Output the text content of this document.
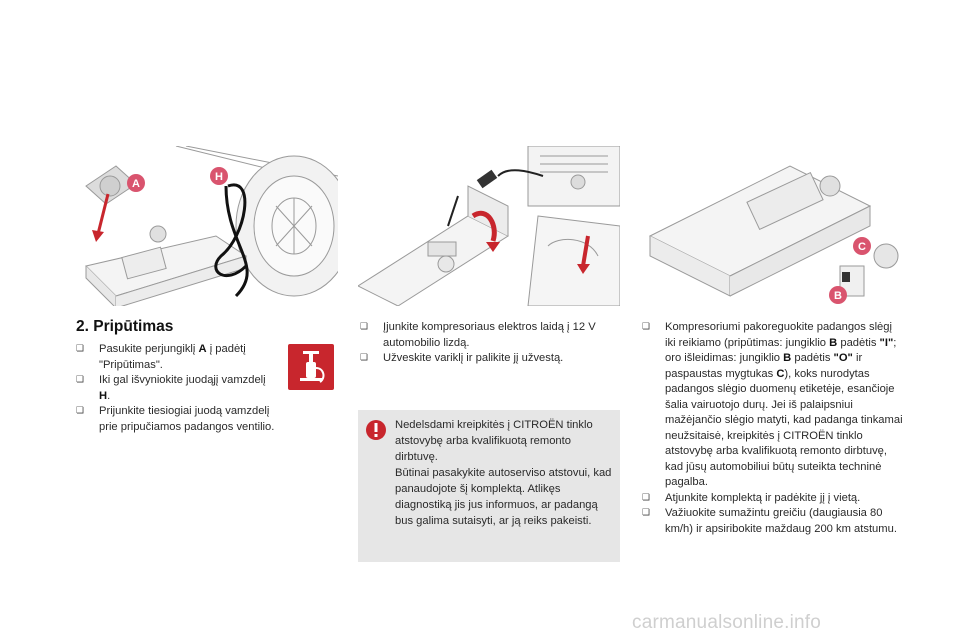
A
H
C
B
2. Pripūtimas

❏ Pasukite perjungiklį A į padėtį "Pripūtimas".

❏ Iki gal išvyniokite juodąjį vamzdelį H.

❏ Prijunkite tiesiogiai juodą vamzdelį prie pripučiamos padangos ventilio.

❏ Įjunkite kompresoriaus elektros laidą į 12 V automobilio lizdą.

❏ Užveskite variklį ir palikite jį užvestą.

Nedelsdami kreipkitės į CITROËN tinklo atstovybę arba kvalifikuotą remonto dirbtuvę.
Būtinai pasakykite autoserviso atstovui, kad panaudojote šį komplektą. Atlikęs diagnostiką jis jus informuos, ar padangą bus galima sutaisyti, ar ją reiks pakeisti.

❏ Kompresoriumi pakoreguokite padangos slėgį iki reikiamo (pripūtimas: jungiklio B padėtis "I"; oro išleidimas: jungiklio B padėtis "O" ir paspaustas mygtukas C), koks nurodytas padangos slėgio duomenų etiketėje, esančioje šalia vairuotojo durų. Jei iš palaipsniui mažėjančio slėgio matyti, kad padanga tinkamai neužsitaisė, kreipkitės į CITROËN tinklo atstovybę arba kvalifikuotą remonto dirbtuvę, kad jūsų automobiliui būtų suteikta techninė pagalba.

❏ Atjunkite komplektą ir padėkite jį į vietą.

❏ Važiuokite sumažintu greičiu (daugiausia 80 km/h) ir apsiribokite maždaug 200 km atstumu.

carmanualsonline.info
